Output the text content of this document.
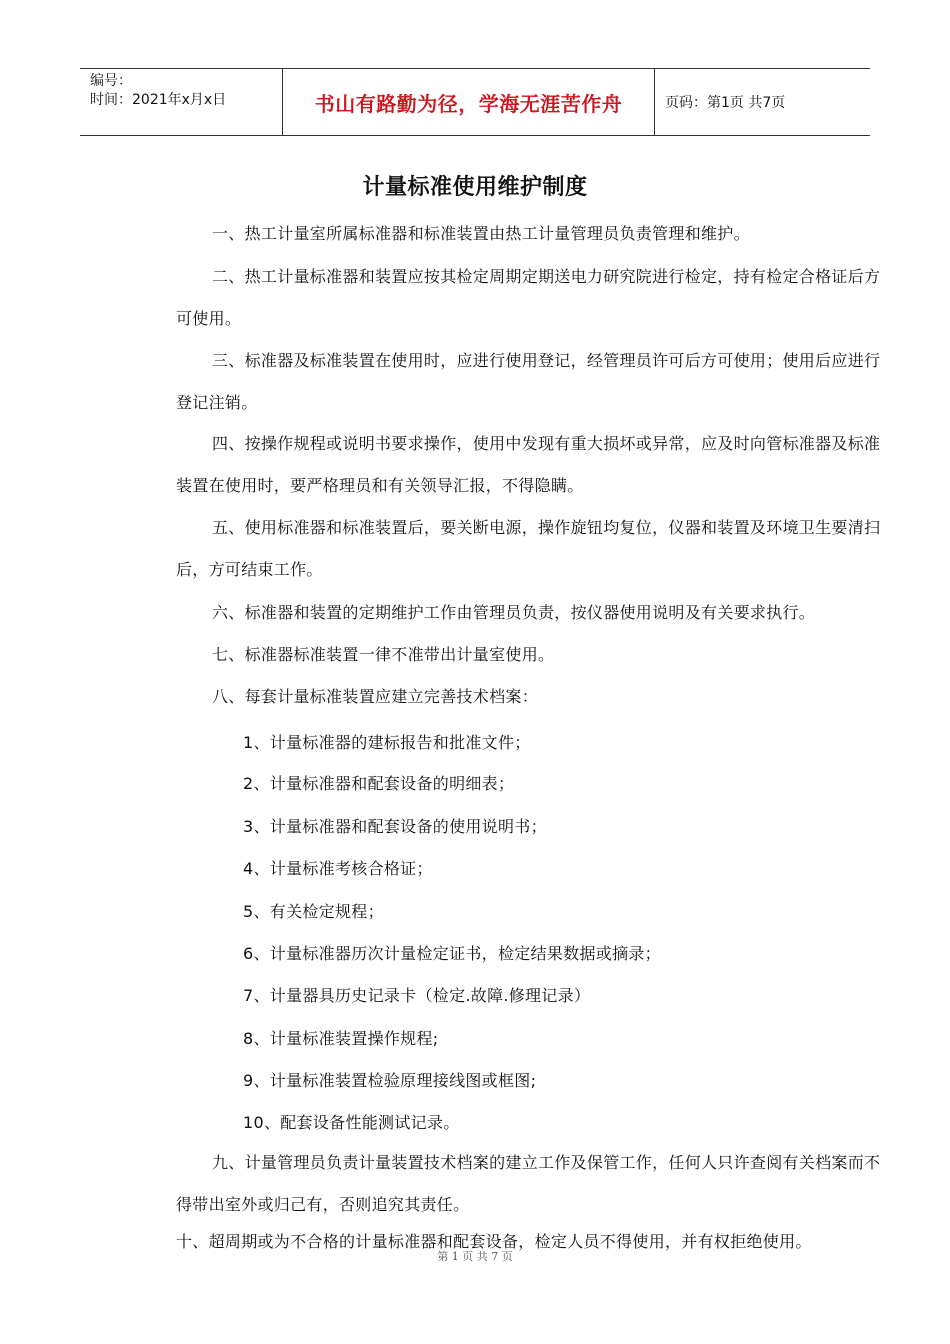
编号：
时间：2021年x月x日	书山有路勤为径，学海无涯苦作舟	页码：第1页 共7页
计量标准使用维护制度
一、热工计量室所属标准器和标准装置由热工计量管理员负责管理和维护。
二、热工计量标准器和装置应按其检定周期定期送电力研究院进行检定，持有检定合格证后方可使用。
三、标准器及标准装置在使用时，应进行使用登记，经管理员许可后方可使用；使用后应进行登记注销。
四、按操作规程或说明书要求操作，使用中发现有重大损坏或异常，应及时向管标准器及标准装置在使用时，要严格理员和有关领导汇报，不得隐瞒。
五、使用标准器和标准装置后，要关断电源，操作旋钮均复位，仪器和装置及环境卫生要清扫后，方可结束工作。
六、标准器和装置的定期维护工作由管理员负责，按仪器使用说明及有关要求执行。
七、标准器标准装置一律不准带出计量室使用。
八、每套计量标准装置应建立完善技术档案：
1、计量标准器的建标报告和批准文件；
2、计量标准器和配套设备的明细表；
3、计量标准器和配套设备的使用说明书；
4、计量标准考核合格证；
5、有关检定规程；
6、计量标准器历次计量检定证书，检定结果数据或摘录；
7、计量器具历史记录卡（检定.故障.修理记录）
8、计量标准装置操作规程;
9、计量标准装置检验原理接线图或框图;
10、配套设备性能测试记录。
九、计量管理员负责计量装置技术档案的建立工作及保管工作，任何人只许查阅有关档案而不得带出室外或归己有，否则追究其责任。
十、超周期或为不合格的计量标准器和配套设备，检定人员不得使用，并有权拒绝使用。
第 1 页 共 7 页
